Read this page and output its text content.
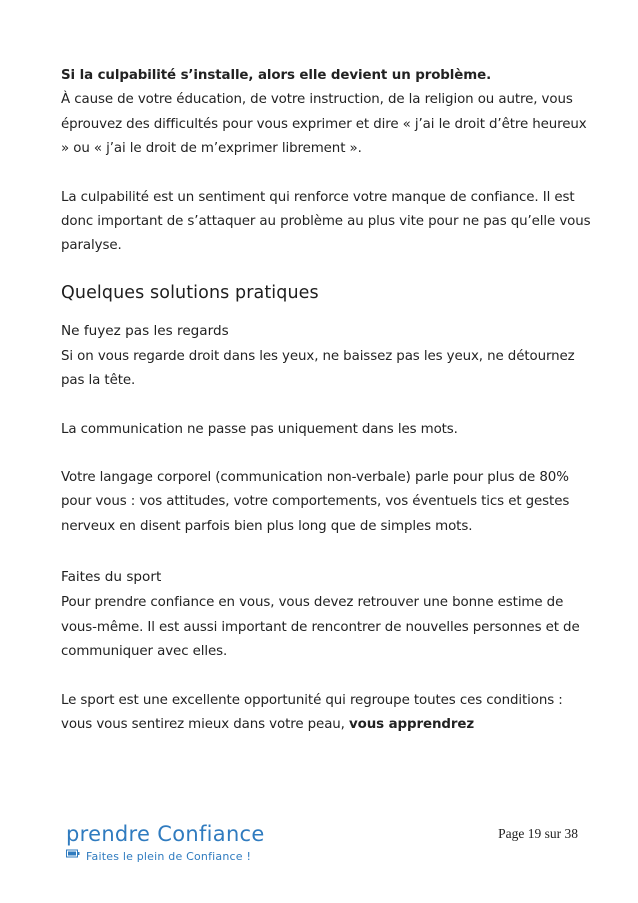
Si la culpabilité s’installe, alors elle devient un problème.
À cause de votre éducation, de votre instruction, de la religion ou autre, vous éprouvez des difficultés pour vous exprimer et dire « j’ai le droit d’être heureux » ou « j’ai le droit de m’exprimer librement ».

La culpabilité est un sentiment qui renforce votre manque de confiance. Il est donc important de s’attaquer au problème au plus vite pour ne pas qu’elle vous paralyse.

Quelques solutions pratiques
Ne fuyez pas les regards

Si on vous regarde droit dans les yeux, ne baissez pas les yeux, ne détournez pas la tête.

La communication ne passe pas uniquement dans les mots.

Votre langage corporel (communication non-verbale) parle pour plus de 80% pour vous : vos attitudes, votre comportements, vos éventuels tics et gestes nerveux en disent parfois bien plus long que de simples mots.

Faites du sport

Pour prendre confiance en vous, vous devez retrouver une bonne estime de vous-même. Il est aussi important de rencontrer de nouvelles personnes et de communiquer avec elles.

Le sport est une excellente opportunité qui regroupe toutes ces conditions : vous vous sentirez mieux dans votre peau, vous apprendrez

prendre Confiance
Faites le plein de Confiance !
Page 19 sur 38
